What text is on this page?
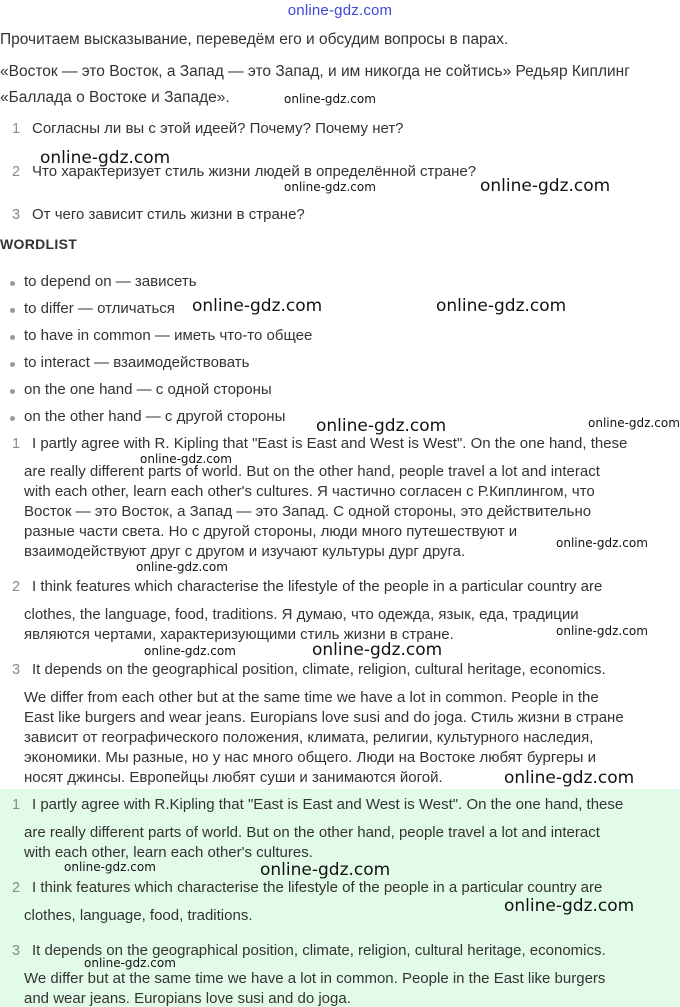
online-gdz.com
Прочитаем высказывание, переведём его и обсудим вопросы в парах.
«Восток — это Восток, а Запад — это Запад, и им никогда не сойтись» Редьяр Киплинг
«Баллада о Востоке и Западе».
1 Согласны ли вы с этой идеей? Почему? Почему нет?
2 Что характеризует стиль жизни людей в определённой стране?
3 От чего зависит стиль жизни в стране?
WORDLIST
to depend on — зависеть
to differ — отличаться
to have in common — иметь что-то общее
to interact — взаимодействовать
on the one hand — с одной стороны
on the other hand — с другой стороны
1 I partly agree with R. Kipling that "East is East and West is West". On the one hand, these
are really different parts of world. But on the other hand, people travel a lot and interact
with each other, learn each other's cultures. Я частично согласен с Р.Киплингом, что
Восток — это Восток, а Запад — это Запад. С одной стороны, это действительно
разные части света. Но с другой стороны, люди много путешествуют и
взаимодействуют друг с другом и изучают культуры дург друга.
2 I think features which characterise the lifestyle of the people in a particular country are
clothes, the language, food, traditions. Я думаю, что одежда, язык, еда, традиции
являются чертами, характеризующими стиль жизни в стране.
3 It depends on the geographical position, climate, religion, cultural heritage, economics.
We differ from each other but at the same time we have a lot in common. People in the
East like burgers and wear jeans. Europians love susi and do joga. Стиль жизни в стране
зависит от географического положения, климата, религии, культурного наследия,
экономики. Мы разные, но у нас много общего. Люди на Востоке любят бургеры и
носят джинсы. Европейцы любят суши и занимаются йогой.
1 I partly agree with R.Kipling that "East is East and West is West". On the one hand, these
are really different parts of world. But on the other hand, people travel a lot and interact
with each other, learn each other's cultures.
2 I think features which characterise the lifestyle of the people in a particular country are
clothes, language, food, traditions.
3 It depends on the geographical position, climate, religion, cultural heritage, economics.
We differ but at the same time we have a lot in common. People in the East like burgers
and wear jeans. Europians love susi and do joga.
online-gdz.com
online-gdz.com
online-gdz.com	online-gdz.com
online-gdz.com	online-gdz.com
online-gdz.com	online-gdz.com
online-gdz.com
online-gdz.com
online-gdz.com
online-gdz.com
online-gdz.com	online-gdz.com
online-gdz.com
online-gdz.com	online-gdz.com
online-gdz.com
online-gdz.com
